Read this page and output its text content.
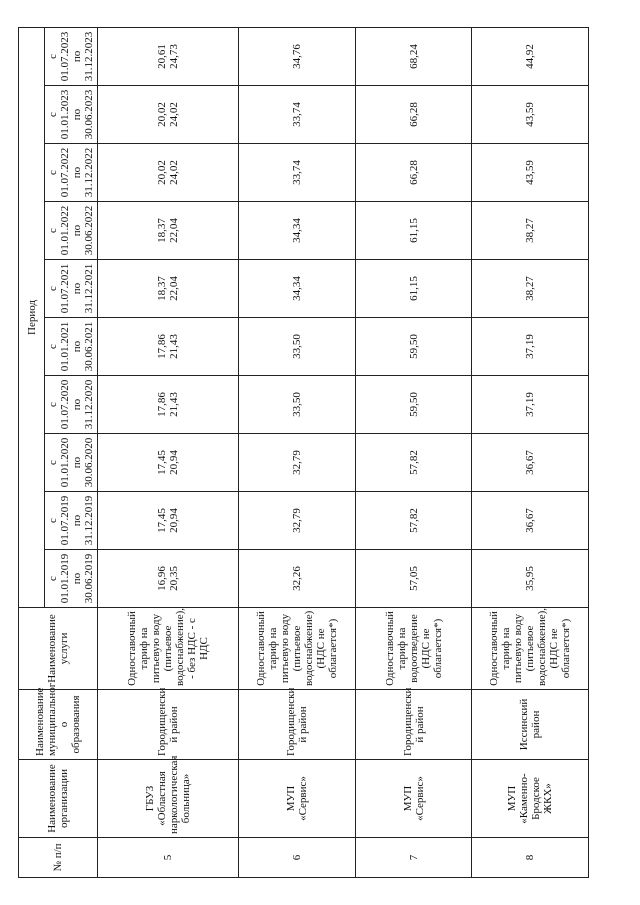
№ п/п	Наименование организации	Наименование муниципальног о образования	Наименование услуги	Период									
				с 01.01.2019 по 30.06.2019	с 01.07.2019 по 31.12.2019	с 01.01.2020 по 30.06.2020	с 01.07.2020 по 31.12.2020	с 01.01.2021 по 30.06.2021	с 01.07.2021 по 31.12.2021	с 01.01.2022 по 30.06.2022	с 01.07.2022 по 31.12.2022	с 01.01.2023 по 30.06.2023	с 01.07.2023 по 31.12.2023
5	ГБУЗ «Областная наркологическая больница»	Городищенски й район	Одноставочный тариф на питьевую воду (питьевое водоснабжение), - без НДС - с НДС	16,96 20,35	17,45 20,94	17,45 20,94	17,86 21,43	17,86 21,43	18,37 22,04	18,37 22,04	20,02 24,02	20,02 24,02	20,61 24,73

6	МУП «Сервис»	Городищенски й район	Одноставочный тариф на питьевую воду (питьевое водоснабжение) (НДС не облагается*)	32,26	32,79	32,79	33,50	33,50	34,34	34,34	33,74	33,74	34,76

7	МУП «Сервис»	Городищенски й район	Одноставочный тариф на водоотведение (НДС не облагается*)	57,05	57,82	57,82	59,50	59,50	61,15	61,15	66,28	66,28	68,24

8	МУП «Каменно-Бродское ЖКХ»	Иссинский район	Одноставочный тариф на питьевую воду (питьевое водоснабжение), (НДС не облагается*)	35,95	36,67	36,67	37,19	37,19	38,27	38,27	43,59	43,59	44,92
